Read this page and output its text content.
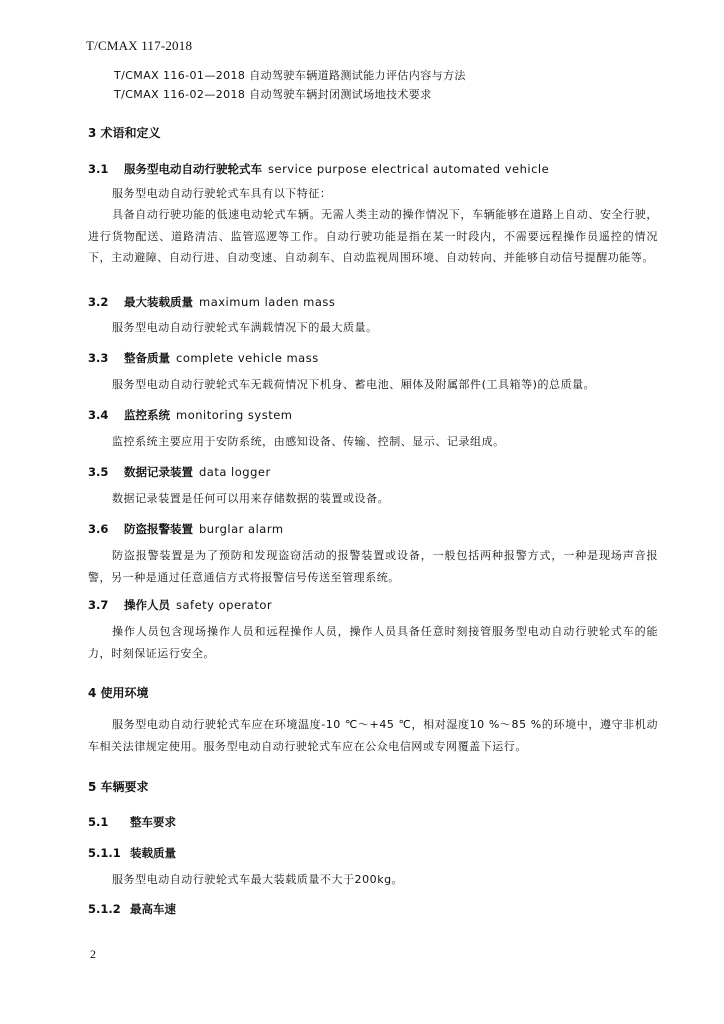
T/CMAX 117-2018
T/CMAX 116-01—2018 自动驾驶车辆道路测试能力评估内容与方法
T/CMAX 116-02—2018 自动驾驶车辆封闭测试场地技术要求
3 术语和定义
3.1 服务型电动自动行驶轮式车 service purpose electrical automated vehicle
服务型电动自动行驶轮式车具有以下特征：
具备自动行驶功能的低速电动轮式车辆。无需人类主动的操作情况下，车辆能够在道路上自动、安全行驶，进行货物配送、道路清洁、监管巡逻等工作。自动行驶功能是指在某一时段内，不需要远程操作员遥控的情况下，主动避障、自动行进、自动变速、自动刹车、自动监视周围环境、自动转向、并能够自动信号提醒功能等。
3.2 最大装载质量 maximum laden mass
服务型电动自动行驶轮式车满载情况下的最大质量。
3.3 整备质量 complete vehicle mass
服务型电动自动行驶轮式车无载荷情况下机身、蓄电池、厢体及附属部件(工具箱等)的总质量。
3.4 监控系统 monitoring system
监控系统主要应用于安防系统，由感知设备、传输、控制、显示、记录组成。
3.5 数据记录装置 data logger
数据记录装置是任何可以用来存储数据的装置或设备。
3.6 防盗报警装置 burglar alarm
防盗报警装置是为了预防和发现盗窃活动的报警装置或设备，一般包括两种报警方式，一种是现场声音报警，另一种是通过任意通信方式将报警信号传送至管理系统。
3.7 操作人员 safety operator
操作人员包含现场操作人员和远程操作人员，操作人员具备任意时刻接管服务型电动自动行驶轮式车的能力，时刻保证运行安全。
4 使用环境
服务型电动自动行驶轮式车应在环境温度-10 ℃～+45 ℃，相对湿度10 %～85 %的环境中，遵守非机动车相关法律规定使用。服务型电动自动行驶轮式车应在公众电信网或专网覆盖下运行。
5 车辆要求
5.1 整车要求
5.1.1 装载质量
服务型电动自动行驶轮式车最大装载质量不大于200kg。
5.1.2 最高车速
2
